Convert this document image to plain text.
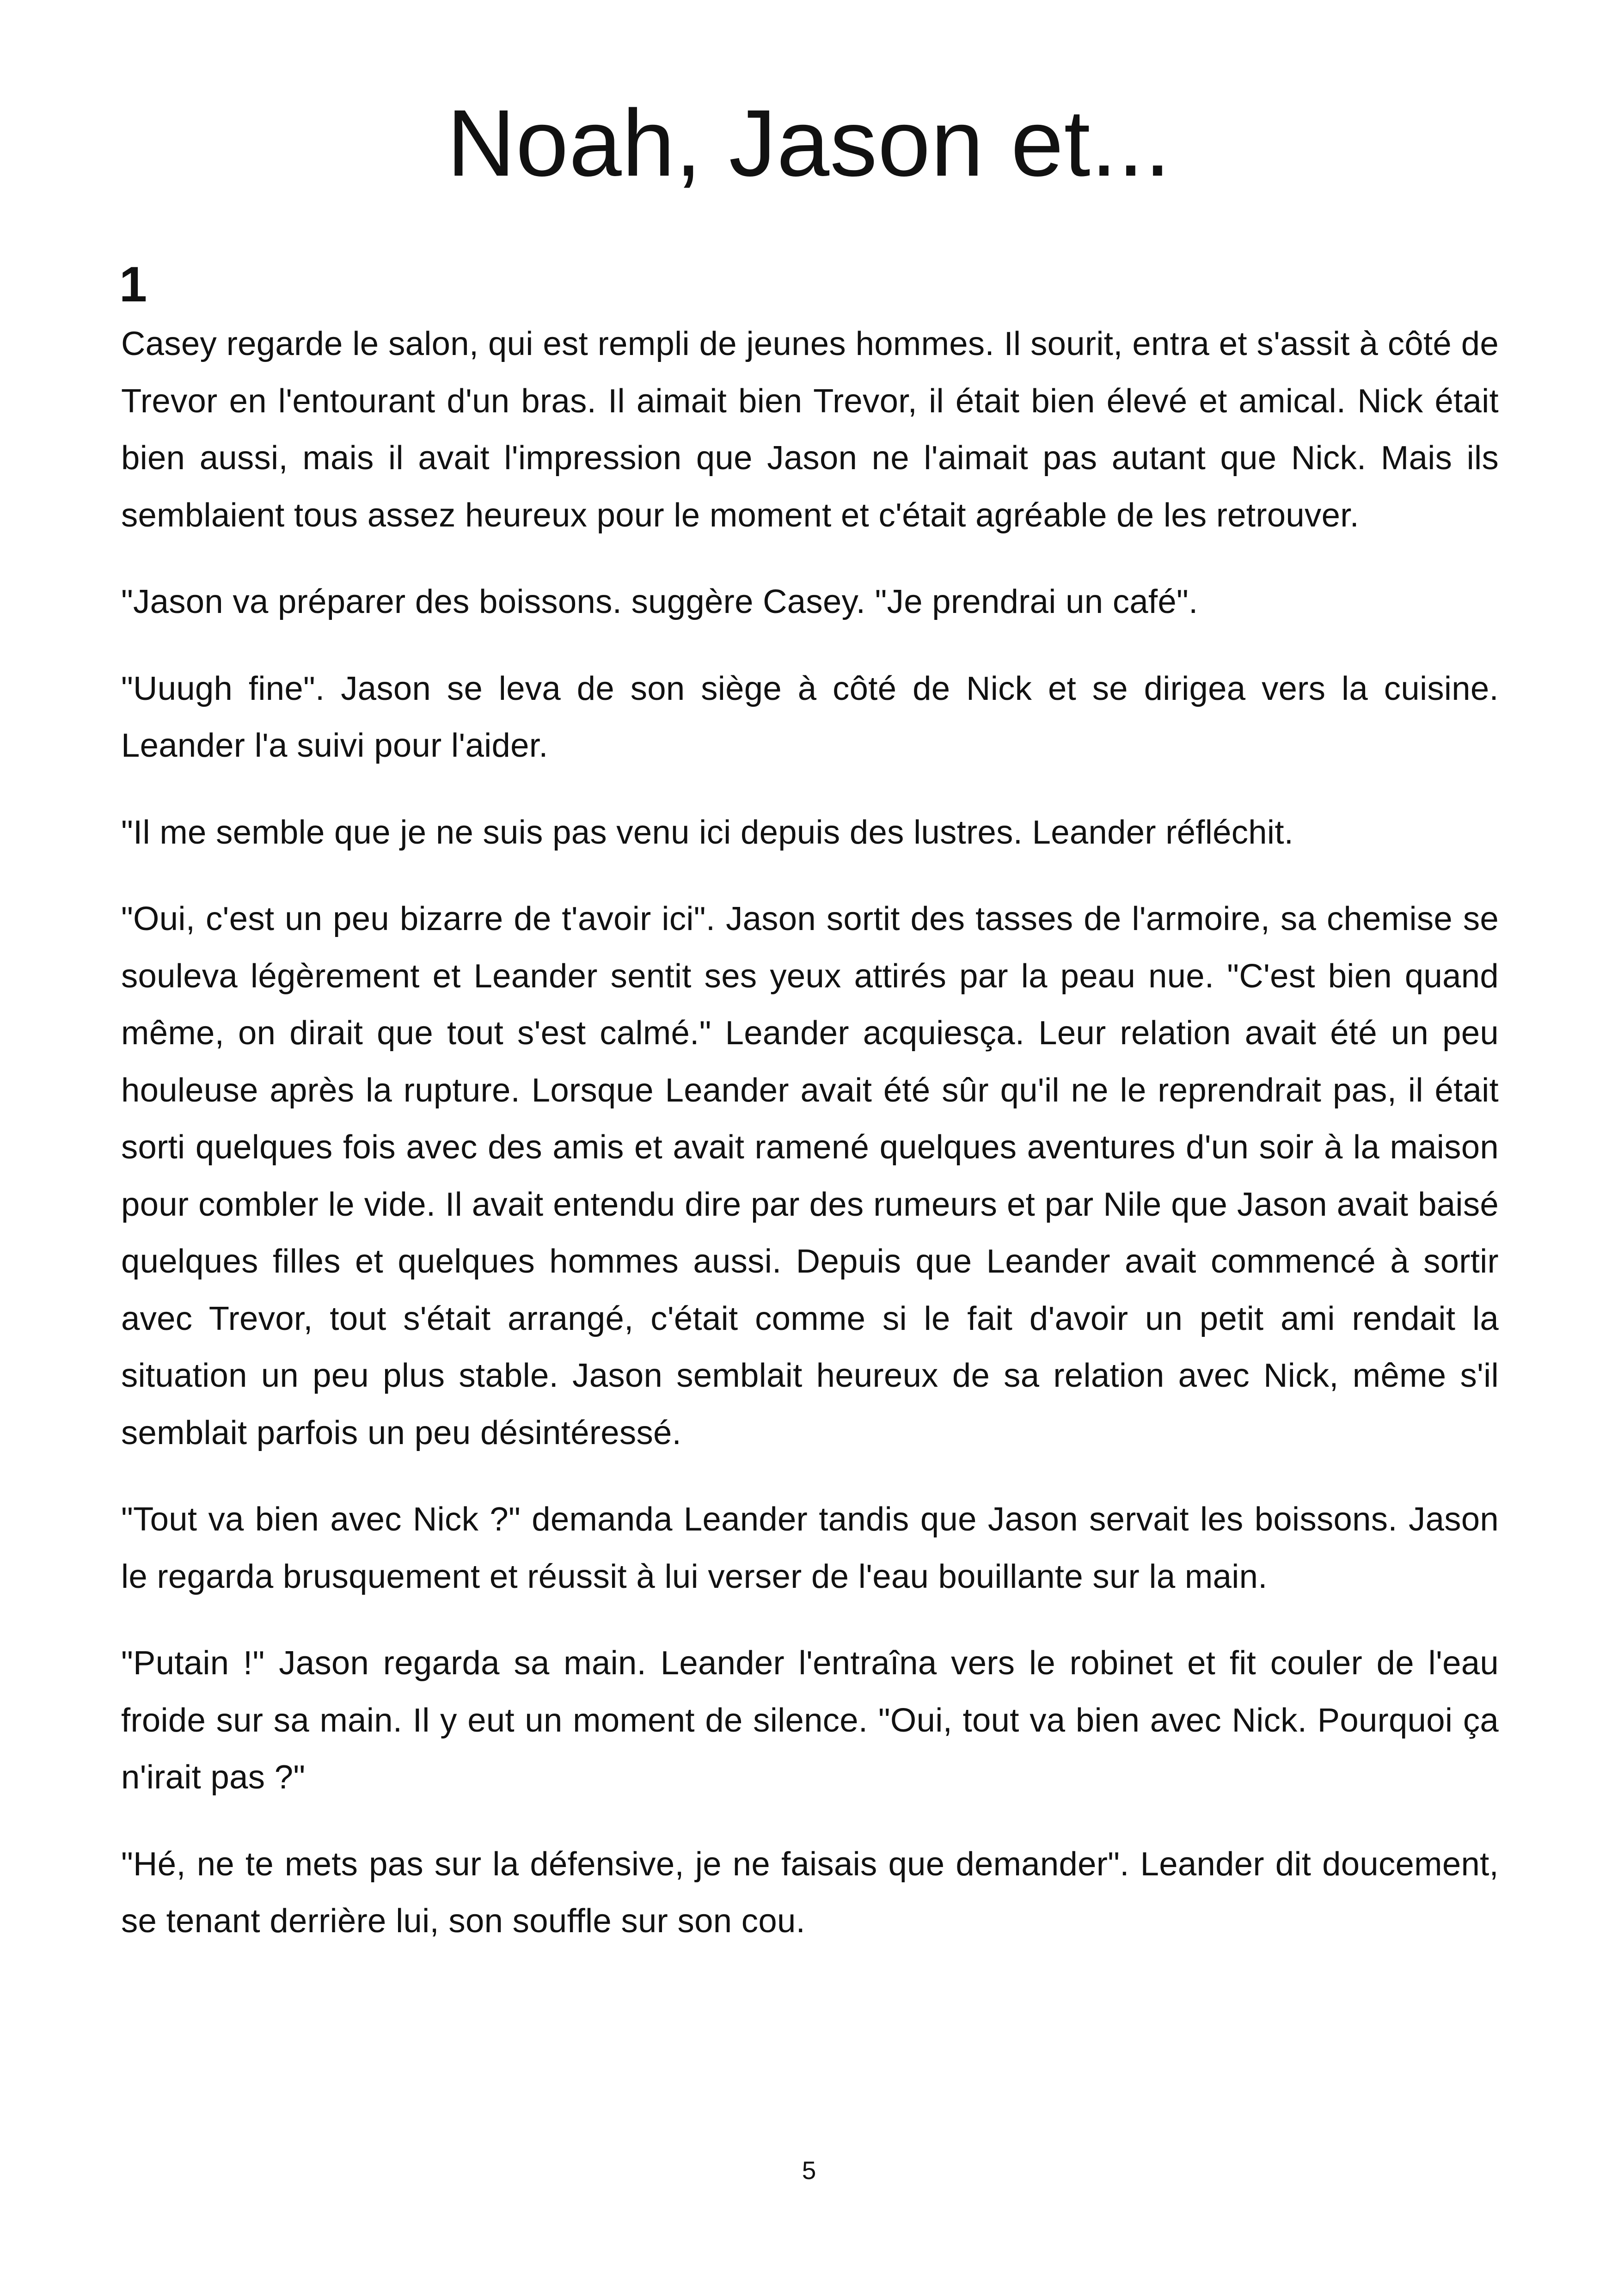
Noah, Jason et...
1

Casey regarde le salon, qui est rempli de jeunes hommes. Il sourit, entra et s'assit à côté de Trevor en l'entourant d'un bras. Il aimait bien Trevor, il était bien élevé et amical. Nick était bien aussi, mais il avait l'impression que Jason ne l'aimait pas autant que Nick. Mais ils semblaient tous assez heureux pour le moment et c'était agréable de les retrouver.

"Jason va préparer des boissons. suggère Casey. "Je prendrai un café".

"Uuugh fine". Jason se leva de son siège à côté de Nick et se dirigea vers la cuisine. Leander l'a suivi pour l'aider.

"Il me semble que je ne suis pas venu ici depuis des lustres. Leander réfléchit.

"Oui, c'est un peu bizarre de t'avoir ici". Jason sortit des tasses de l'armoire, sa chemise se souleva légèrement et Leander sentit ses yeux attirés par la peau nue. "C'est bien quand même, on dirait que tout s'est calmé." Leander acquiesça. Leur relation avait été un peu houleuse après la rupture. Lorsque Leander avait été sûr qu'il ne le reprendrait pas, il était sorti quelques fois avec des amis et avait ramené quelques aventures d'un soir à la maison pour combler le vide. Il avait entendu dire par des rumeurs et par Nile que Jason avait baisé quelques filles et quelques hommes aussi. Depuis que Leander avait commencé à sortir avec Trevor, tout s'était arrangé, c'était comme si le fait d'avoir un petit ami rendait la situation un peu plus stable. Jason semblait heureux de sa relation avec Nick, même s'il semblait parfois un peu désintéressé.

"Tout va bien avec Nick ?" demanda Leander tandis que Jason servait les boissons. Jason le regarda brusquement et réussit à lui verser de l'eau bouillante sur la main.

"Putain !" Jason regarda sa main. Leander l'entraîna vers le robinet et fit couler de l'eau froide sur sa main. Il y eut un moment de silence. "Oui, tout va bien avec Nick. Pourquoi ça n'irait pas ?"

"Hé, ne te mets pas sur la défensive, je ne faisais que demander". Leander dit doucement, se tenant derrière lui, son souffle sur son cou.

5
